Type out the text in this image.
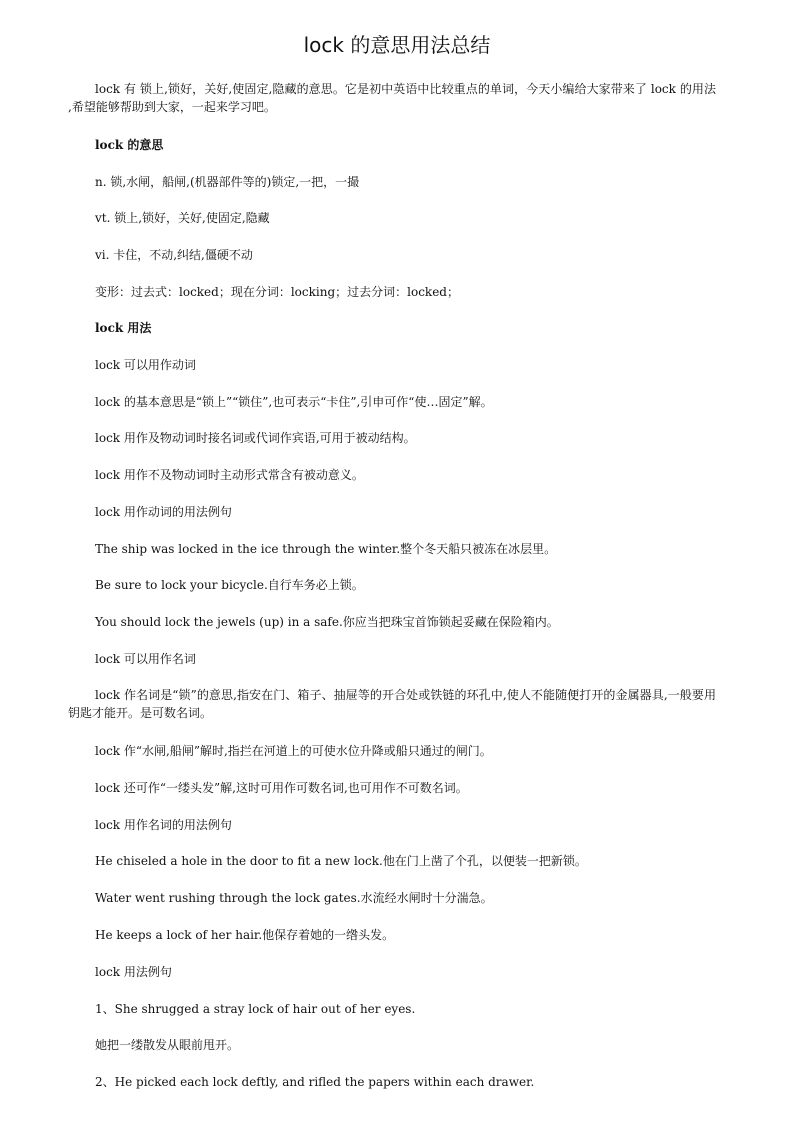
lock 的意思用法总结

lock 有 锁上,锁好，关好,使固定,隐藏的意思。它是初中英语中比较重点的单词，今天小编给大家带来了 lock 的用法 ,希望能够帮助到大家，一起来学习吧。

lock 的意思

n. 锁,水闸，船闸,(机器部件等的)锁定,一把，一撮

vt. 锁上,锁好，关好,使固定,隐藏

vi. 卡住，不动,纠结,僵硬不动

变形：过去式：locked；现在分词：locking；过去分词：locked；

lock 用法

lock 可以用作动词

lock 的基本意思是“锁上”“锁住”,也可表示“卡住”,引申可作“使…固定”解。

lock 用作及物动词时接名词或代词作宾语,可用于被动结构。

lock 用作不及物动词时主动形式常含有被动意义。

lock 用作动词的用法例句

The ship was locked in the ice through the winter.整个冬天船只被冻在冰层里。

Be sure to lock your bicycle.自行车务必上锁。

You should lock the jewels (up) in a safe.你应当把珠宝首饰锁起妥藏在保险箱内。

lock 可以用作名词

lock 作名词是“锁”的意思,指安在门、箱子、抽屉等的开合处或铁链的环孔中,使人不能随便打开的金属器具,一般要用钥匙才能开。是可数名词。

lock 作“水闸,船闸”解时,指拦在河道上的可使水位升降或船只通过的闸门。

lock 还可作“一缕头发”解,这时可用作可数名词,也可用作不可数名词。

lock 用作名词的用法例句

He chiseled a hole in the door to fit a new lock.他在门上凿了个孔，以便装一把新锁。

Water went rushing through the lock gates.水流经水闸时十分湍急。

He keeps a lock of her hair.他保存着她的一绺头发。

lock 用法例句

1、She shrugged a stray lock of hair out of her eyes.

她把一缕散发从眼前甩开。

2、He picked each lock deftly, and rifled the papers within each drawer.
